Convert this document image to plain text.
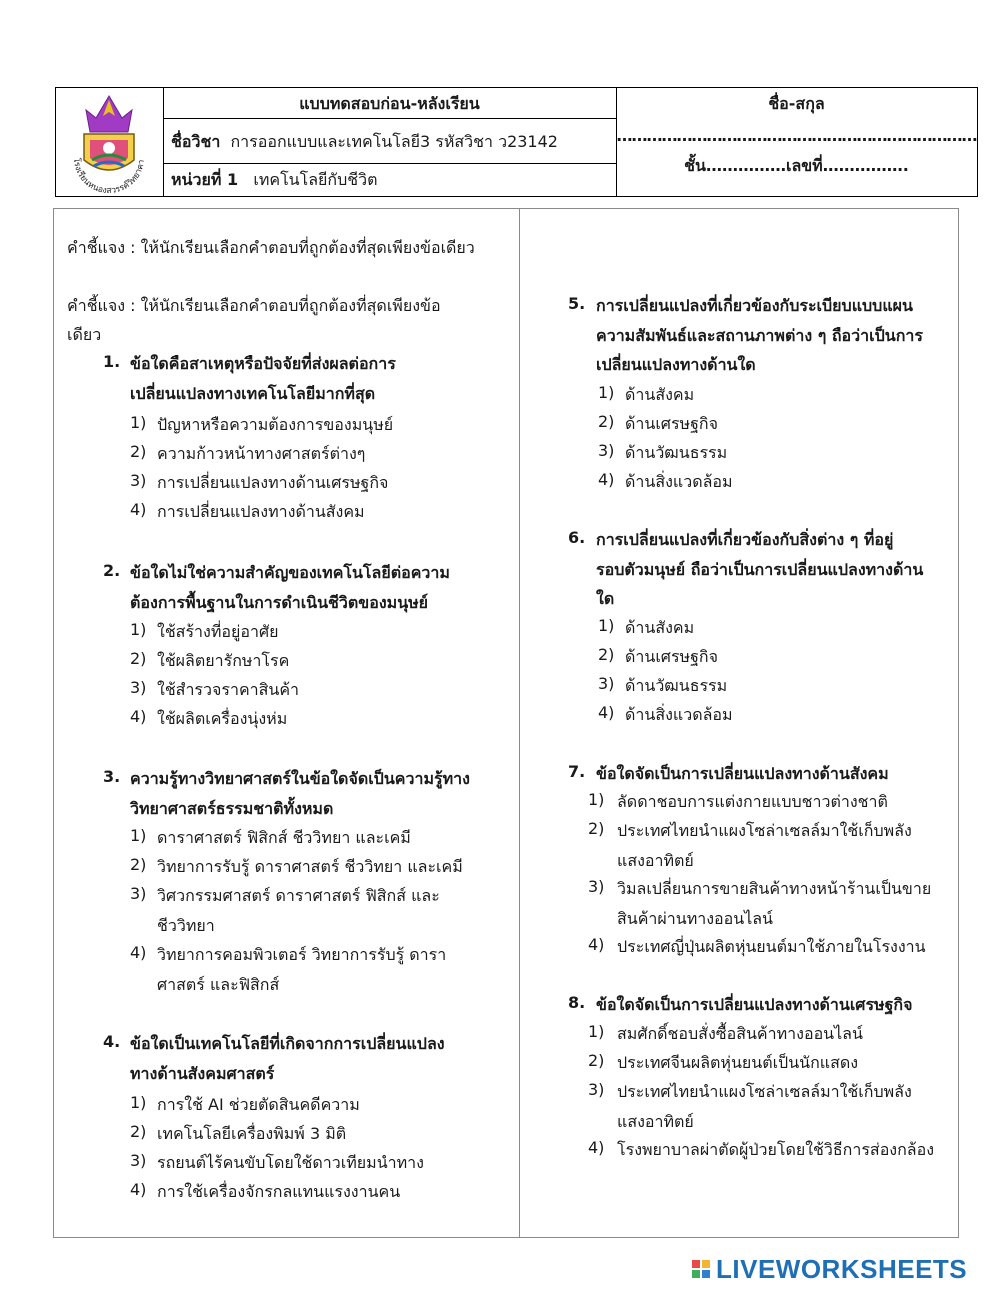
โรงเรียนหนองสวรรค์วิทยาคา
แบบทดสอบก่อน-หลังเรียน
ชื่อวิชา การออกแบบและเทคโนโลยี3 รหัสวิชา ว23142
หน่วยที่ 1 เทคโนโลยีกับชีวิต
ชื่อ-สกุล
………………………………………………………………
ชั้น……………เลขที่…………….
คำชี้แจง : ให้นักเรียนเลือกคำตอบที่ถูกต้องที่สุดเพียงข้อเดียว
คำชี้แจง : ให้นักเรียนเลือกคำตอบที่ถูกต้องที่สุดเพียงข้อ
เดียว
1. ข้อใดคือสาเหตุหรือปัจจัยที่ส่งผลต่อการ
เปลี่ยนแปลงทางเทคโนโลยีมากที่สุด
1) ปัญหาหรือความต้องการของมนุษย์
2) ความก้าวหน้าทางศาสตร์ต่างๆ
3) การเปลี่ยนแปลงทางด้านเศรษฐกิจ
4) การเปลี่ยนแปลงทางด้านสังคม
2. ข้อใดไม่ใช่ความสำคัญของเทคโนโลยีต่อความ
ต้องการพื้นฐานในการดำเนินชีวิตของมนุษย์
1) ใช้สร้างที่อยู่อาศัย
2) ใช้ผลิตยารักษาโรค
3) ใช้สำรวจราคาสินค้า
4) ใช้ผลิตเครื่องนุ่งห่ม
3. ความรู้ทางวิทยาศาสตร์ในข้อใดจัดเป็นความรู้ทาง
วิทยาศาสตร์ธรรมชาติทั้งหมด
1) ดาราศาสตร์ ฟิสิกส์ ชีววิทยา และเคมี
2) วิทยาการรับรู้ ดาราศาสตร์ ชีววิทยา และเคมี
3) วิศวกรรมศาสตร์ ดาราศาสตร์ ฟิสิกส์ และ
ชีววิทยา
4) วิทยาการคอมพิวเตอร์ วิทยาการรับรู้ ดารา
ศาสตร์ และฟิสิกส์
4. ข้อใดเป็นเทคโนโลยีที่เกิดจากการเปลี่ยนแปลง
ทางด้านสังคมศาสตร์
1) การใช้ AI ช่วยตัดสินคดีความ
2) เทคโนโลยีเครื่องพิมพ์ 3 มิติ
3) รถยนต์ไร้คนขับโดยใช้ดาวเทียมนำทาง
4) การใช้เครื่องจักรกลแทนแรงงานคน
5. การเปลี่ยนแปลงที่เกี่ยวข้องกับระเบียบแบบแผน
ความสัมพันธ์และสถานภาพต่าง ๆ ถือว่าเป็นการ
เปลี่ยนแปลงทางด้านใด
1) ด้านสังคม
2) ด้านเศรษฐกิจ
3) ด้านวัฒนธรรม
4) ด้านสิ่งแวดล้อม
6. การเปลี่ยนแปลงที่เกี่ยวข้องกับสิ่งต่าง ๆ ที่อยู่
รอบตัวมนุษย์ ถือว่าเป็นการเปลี่ยนแปลงทางด้าน
ใด
1) ด้านสังคม
2) ด้านเศรษฐกิจ
3) ด้านวัฒนธรรม
4) ด้านสิ่งแวดล้อม
7. ข้อใดจัดเป็นการเปลี่ยนแปลงทางด้านสังคม
1) ลัดดาชอบการแต่งกายแบบชาวต่างชาติ
2) ประเทศไทยนำแผงโซล่าเซลล์มาใช้เก็บพลัง
แสงอาทิตย์
3) วิมลเปลี่ยนการขายสินค้าทางหน้าร้านเป็นขาย
สินค้าผ่านทางออนไลน์
4) ประเทศญี่ปุ่นผลิตหุ่นยนต์มาใช้ภายในโรงงาน
8. ข้อใดจัดเป็นการเปลี่ยนแปลงทางด้านเศรษฐกิจ
1) สมศักดิ์ชอบสั่งซื้อสินค้าทางออนไลน์
2) ประเทศจีนผลิตหุ่นยนต์เป็นนักแสดง
3) ประเทศไทยนำแผงโซล่าเซลล์มาใช้เก็บพลัง
แสงอาทิตย์
4) โรงพยาบาลผ่าตัดผู้ป่วยโดยใช้วิธีการส่องกล้อง
LIVEWORKSHEETS
